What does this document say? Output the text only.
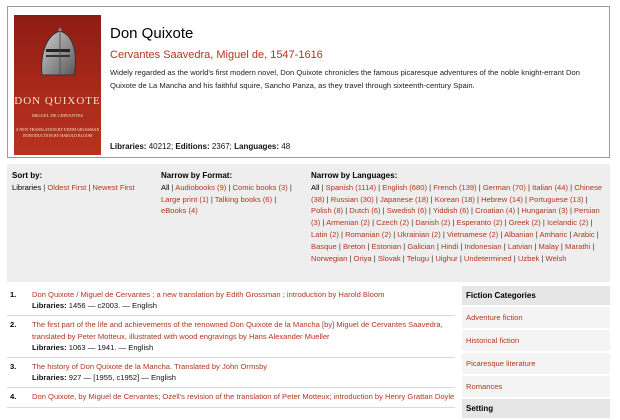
DON QUIXOTE
MIGUEL DE CERVANTES
A NEW TRANSLATION BY EDITH GROSSMAN
INTRODUCTION BY HAROLD BLOOM
Don Quixote
Cervantes Saavedra, Miguel de, 1547-1616
Widely regarded as the world's first modern novel, Don Quixote chronicles the famous picaresque adventures of the noble knight-errant Don Quixote de La Mancha and his faithful squire, Sancho Panza, as they travel through sixteenth-century Spain.
Libraries: 40212; Editions: 2367; Languages: 48
Sort by:
Libraries | Oldest First | Newest First
Narrow by Format:
All | Audiobooks (9) | Comic books (3) | Large print (1) | Talking books (6) | eBooks (4)
Narrow by Languages:
All | Spanish (1114) | English (680) | French (139) | German (70) | Italian (44) | Chinese (38) | Russian (30) | Japanese (18) | Korean (18) | Hebrew (14) | Portuguese (13) | Polish (8) | Dutch (6) | Swedish (6) | Yiddish (6) | Croatian (4) | Hungarian (3) | Persian (3) | Armenian (2) | Czech (2) | Danish (2) | Esperanto (2) | Greek (2) | Icelandic (2) | Latin (2) | Romanian (2) | Ukrainian (2) | Vietnamese (2) | Albanian | Amharic | Arabic | Basque | Breton | Estonian | Galician | Hindi | Indonesian | Latvian | Malay | Marathi | Norwegian | Oriya | Slovak | Telugu | Uighur | Undetermined | Uzbek | Welsh
1. Don Quixote / Miguel de Cervantes ; a new translation by Edith Grossman ; introduction by Harold Bloom
Libraries: 1456 — c2003. — English
2. The first part of the life and achievements of the renowned Don Quixote de la Mancha [by] Miguel de Cervantes Saavedra, translated by Peter Motteux, illustrated with wood engravings by Hans Alexander Mueller
Libraries: 1063 — 1941. — English
3. The history of Don Quixote de la Mancha. Translated by John Ormsby
Libraries: 927 — [1955, c1952] — English
4. Don Quixote, by Miguel de Cervantes; Ozell's revision of the translation of Peter Motteux; introduction by Henry Grattan Doyle
Fiction Categories
Adventure fiction
Historical fiction
Picaresque literature
Romances
Setting
